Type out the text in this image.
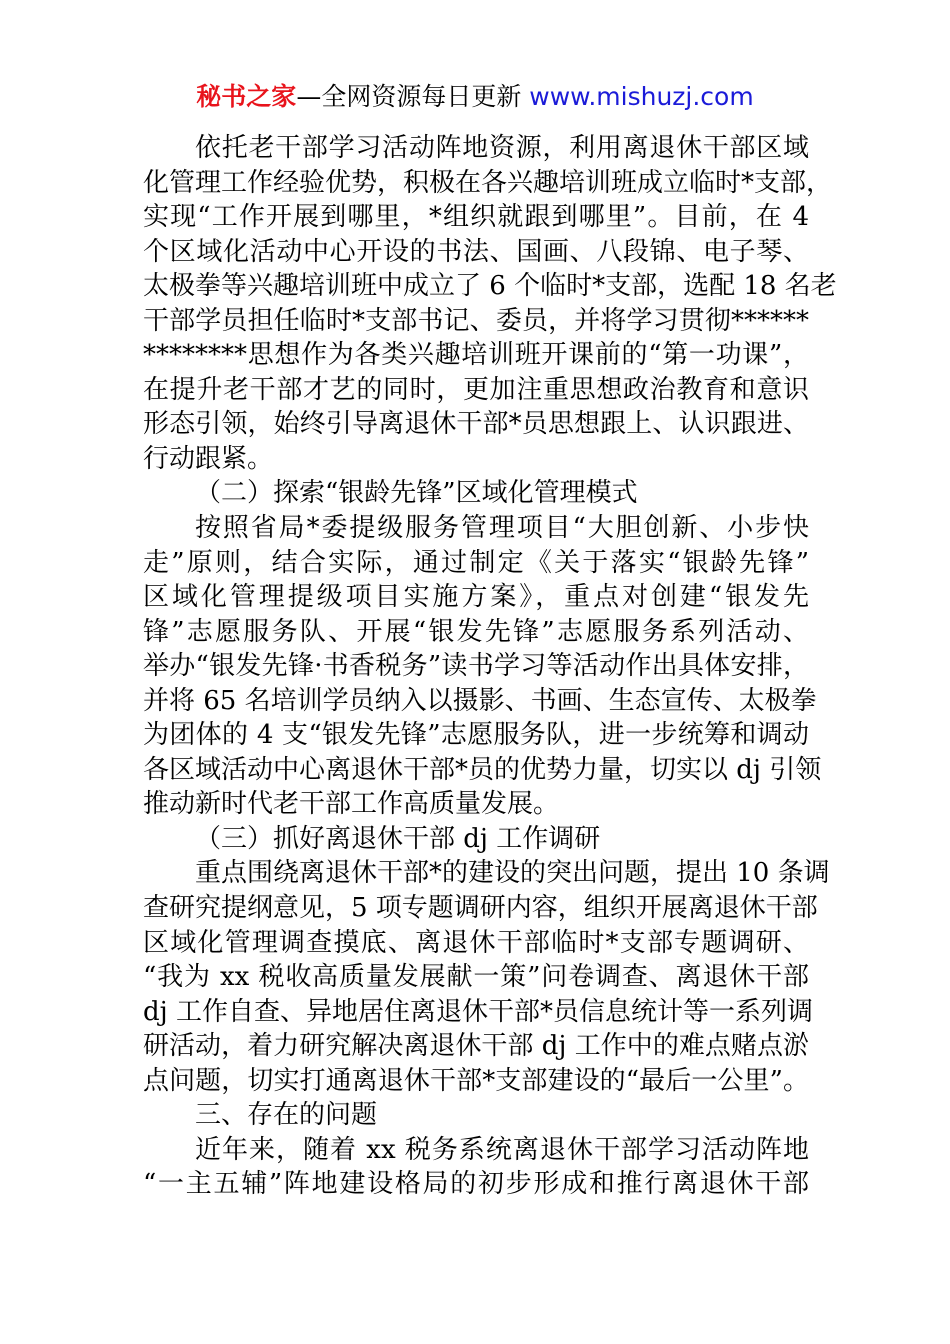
秘书之家—全网资源每日更新 www.mishuzj.com
依托老干部学习活动阵地资源，利用离退休干部区域
化管理工作经验优势，积极在各兴趣培训班成立临时*支部，
实现“工作开展到哪里，*组织就跟到哪里”。目前，在 4
个区域化活动中心开设的书法、国画、八段锦、电子琴、
太极拳等兴趣培训班中成立了 6 个临时*支部，选配 18 名老
干部学员担任临时*支部书记、委员，并将学习贯彻******
********思想作为各类兴趣培训班开课前的“第一功课”，
在提升老干部才艺的同时，更加注重思想政治教育和意识
形态引领，始终引导离退休干部*员思想跟上、认识跟进、
行动跟紧。
（二）探索“银龄先锋”区域化管理模式
按照省局*委提级服务管理项目“大胆创新、小步快
走”原则，结合实际，通过制定《关于落实“银龄先锋”
区域化管理提级项目实施方案》，重点对创建“银发先
锋”志愿服务队、开展“银发先锋”志愿服务系列活动、
举办“银发先锋·书香税务”读书学习等活动作出具体安排，
并将 65 名培训学员纳入以摄影、书画、生态宣传、太极拳
为团体的 4 支“银发先锋”志愿服务队，进一步统筹和调动
各区域活动中心离退休干部*员的优势力量，切实以 dj 引领
推动新时代老干部工作高质量发展。
（三）抓好离退休干部 dj 工作调研
重点围绕离退休干部*的建设的突出问题，提出 10 条调
查研究提纲意见，5 项专题调研内容，组织开展离退休干部
区域化管理调查摸底、离退休干部临时*支部专题调研、
“我为 xx 税收高质量发展献一策”问卷调查、离退休干部
dj 工作自查、异地居住离退休干部*员信息统计等一系列调
研活动，着力研究解决离退休干部 dj 工作中的难点赌点淤
点问题，切实打通离退休干部*支部建设的“最后一公里”。
三、存在的问题
近年来，随着 xx 税务系统离退休干部学习活动阵地
“一主五辅”阵地建设格局的初步形成和推行离退休干部
